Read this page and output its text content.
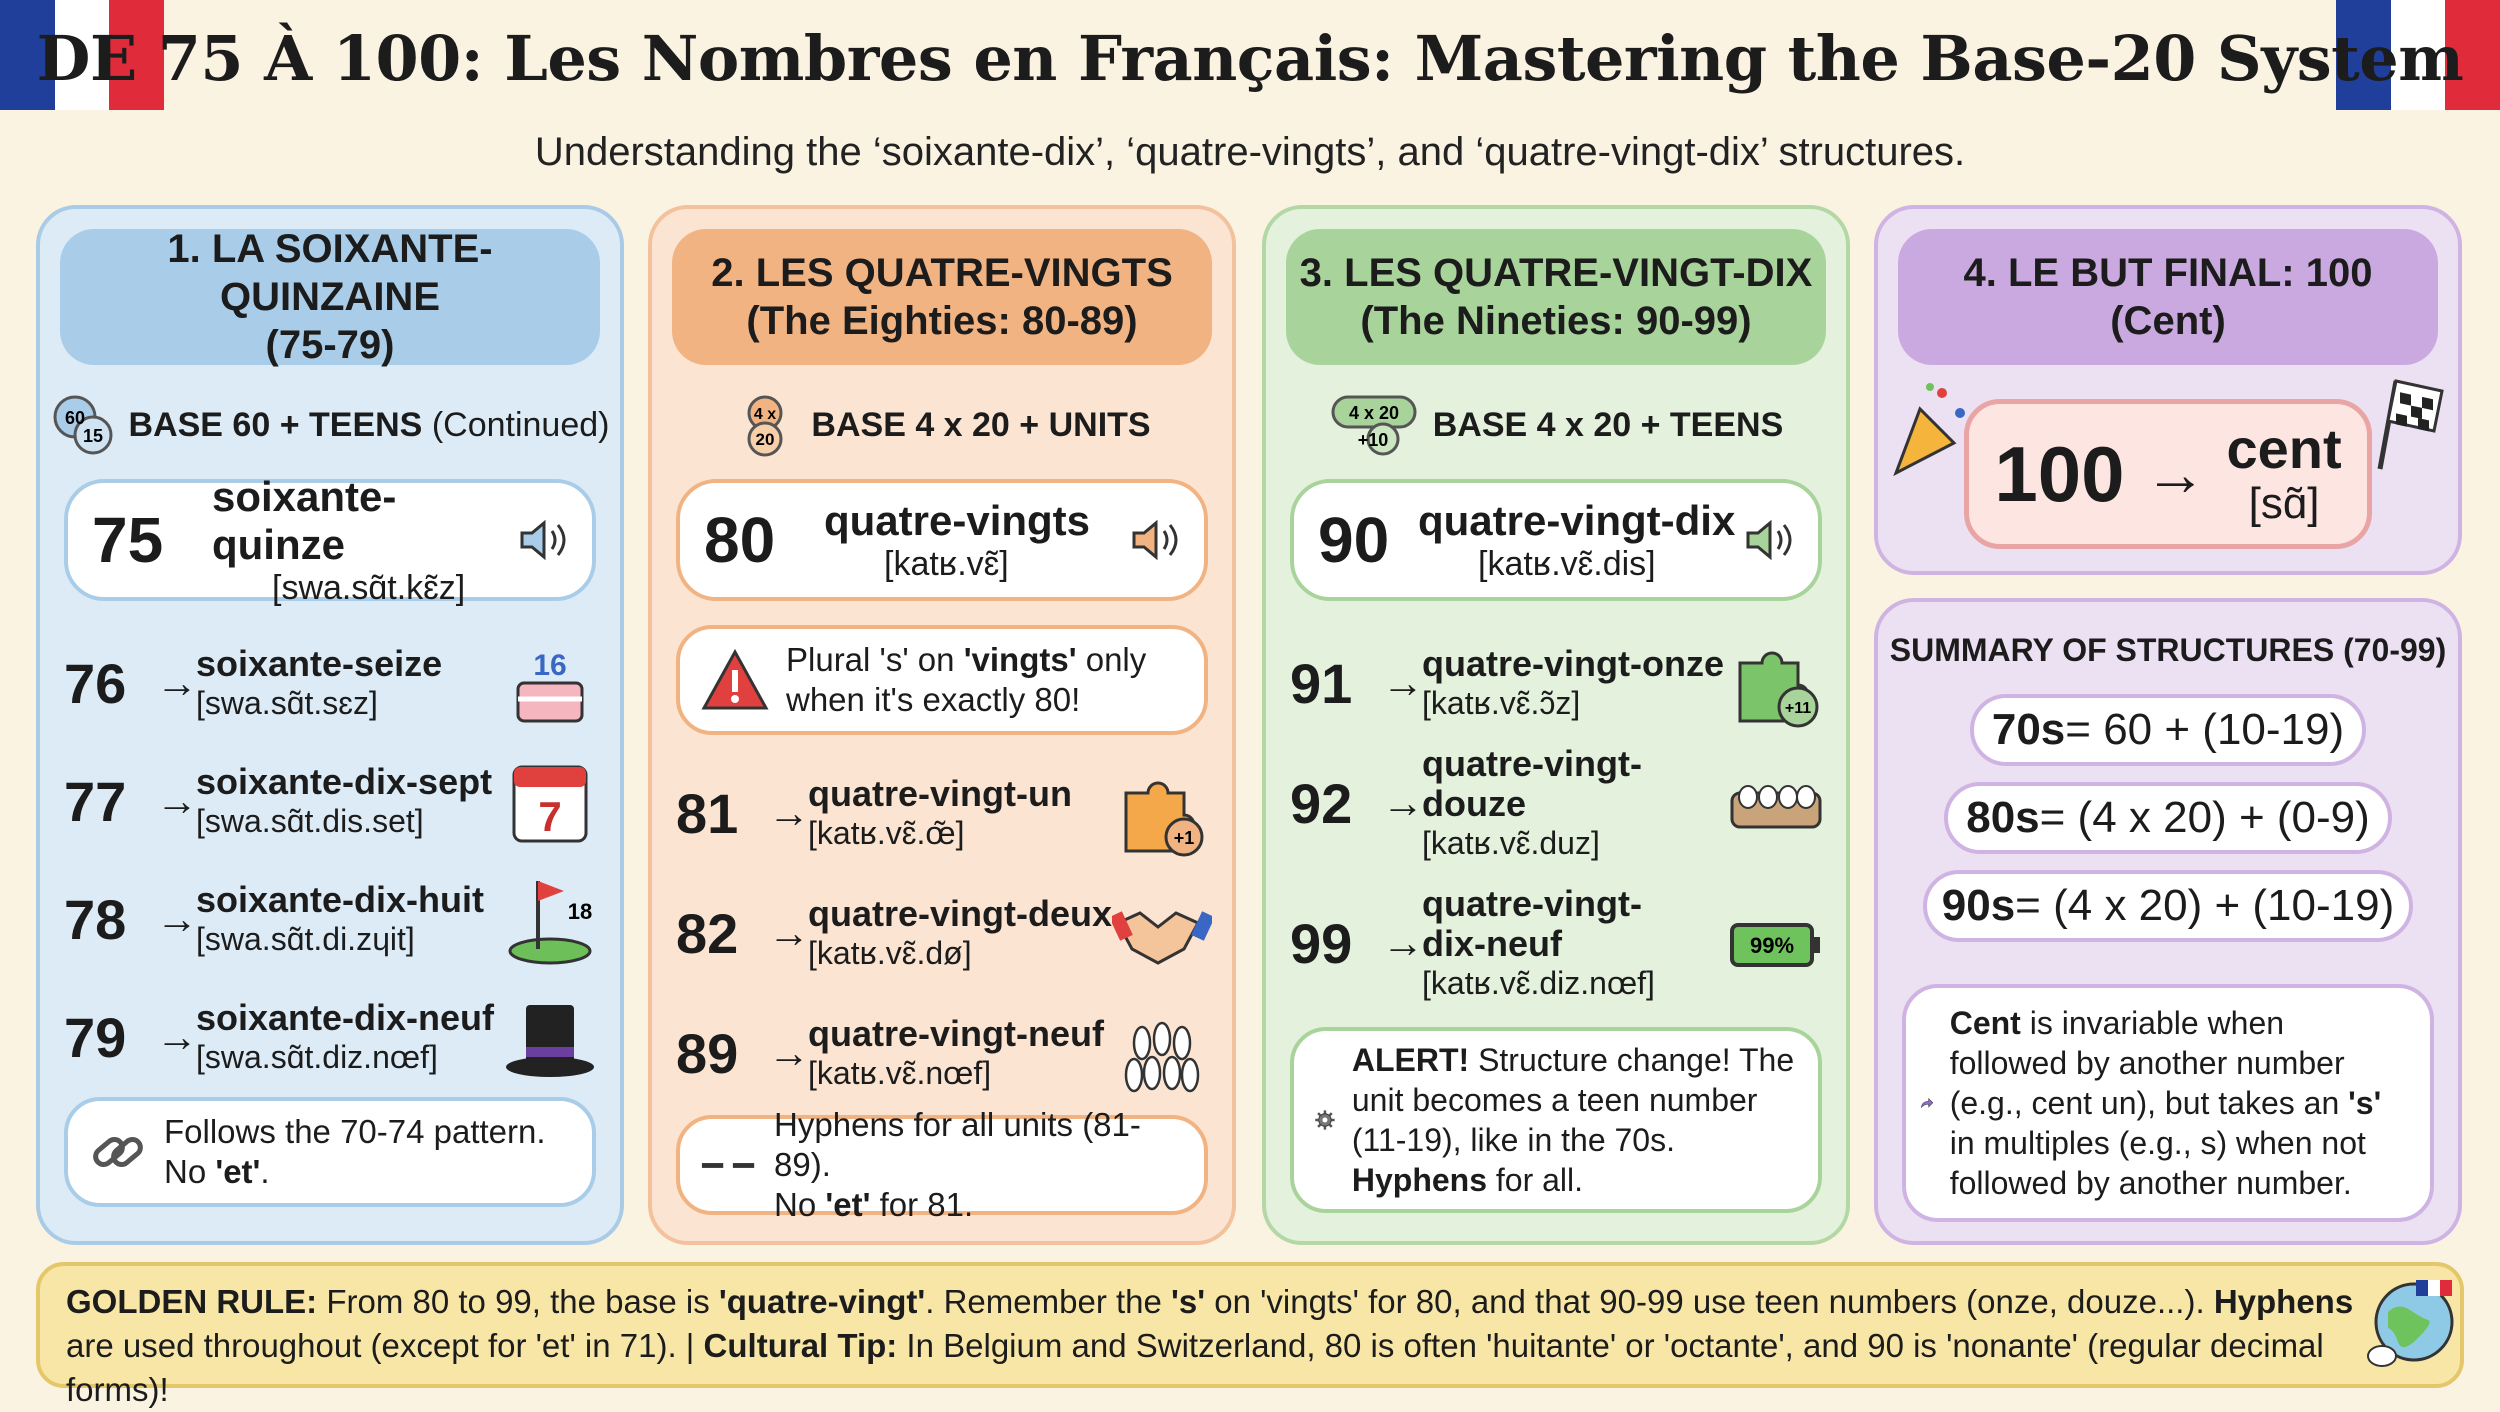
DE 75 À 100: Les Nombres en Français: Mastering the Base-20 System
Understanding the ‘soixante-dix’, ‘quatre-vingts’, and ‘quatre-vingt-dix’ structures.
1. LA SOIXANTE-QUINZAINE
(75-79)
60
15 BASE 60 + TEENS (Continued)
75
soixante-quinze
[swa.sɑ̃t.kɛ̃z]
76 →
soixante-seize
[swa.sɑ̃t.sɛz]
16
77 →
soixante-dix-sept
[swa.sɑ̃t.dis.set]	7
78 →
soixante-dix-huit
[swa.sɑ̃t.di.zɥit]
18
79 →
soixante-dix-neuf
[swa.sɑ̃t.diz.nœf]
Follows the 70-74 pattern.
No 'et'.
2. LES QUATRE-VINGTS
(The Eighties: 80-89)
4 x
20 BASE 4 x 20 + UNITS
80	quatre-vingts
[katʁ.vɛ̃]
Plural 's' on 'vingts' only
when it's exactly 80!
81 →
quatre-vingt-un
[katʁ.vɛ̃.œ̃]	+1
82 →
quatre-vingt-deux
[katʁ.vɛ̃.dø]
89 →
quatre-vingt-neuf
[katʁ.vɛ̃.nœf]
Hyphens for all units (81-89).
No 'et' for 81.
3. LES QUATRE-VINGT-DIX
(The Nineties: 90-99)
4 x 20
+10 BASE 4 x 20 + TEENS
90 quatre-vingt-dix
[katʁ.vɛ̃.dis]
91 →
quatre-vingt-onze
[katʁ.vɛ̃.ɔ̃z]	+11
92 →
quatre-vingt-douze
[katʁ.vɛ̃.duz]
99 →
quatre-vingt-dix-neuf
[katʁ.vɛ̃.diz.nœf]
99%
ALERT! Structure change! The unit becomes a teen number (11-19), like in the 70s. Hyphens for all.
4. LE BUT FINAL: 100
(Cent)
100 → cent
[sɑ̃]
SUMMARY OF STRUCTURES (70-99)
70s = 60 + (10-19)
80s = (4 x 20) + (0-9)
90s = (4 x 20) + (10-19)
Cent is invariable when followed by another number (e.g., cent un), but takes an 's' in multiples (e.g., s) when not followed by another number.
GOLDEN RULE: From 80 to 99, the base is 'quatre-vingt'. Remember the 's' on 'vingts' for 80, and that 90-99 use teen numbers (onze, douze...). Hyphens are used throughout (except for 'et' in 71). | Cultural Tip: In Belgium and Switzerland, 80 is often 'huitante' or 'octante', and 90 is 'nonante' (regular decimal forms)!
